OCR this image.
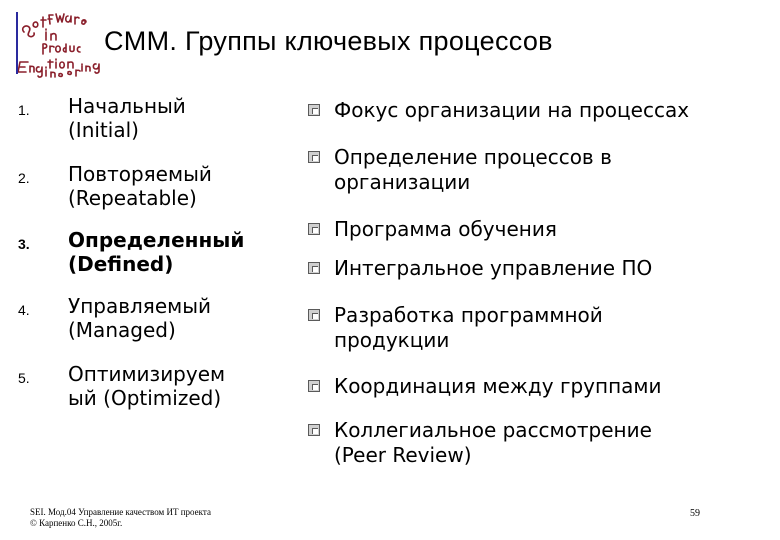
CMM. Группы ключевых процессов
1. Начальный
(Initial)
2. Повторяемый
(Repeatable)
3. Определенный
(Defined)
4. Управляемый
(Managed)
5. Оптимизируем
ый (Optimized)
Фокус организации на процессах
Определение процессов в
организации
Программа обучения
Интегральное управление ПО
Разработка программной
продукции
Координация между группами
Коллегиальное рассмотрение
(Peer Review)
SEI. Мод.04 Управление качеством ИТ проекта
© Карпенко С.Н., 2005г.
59
